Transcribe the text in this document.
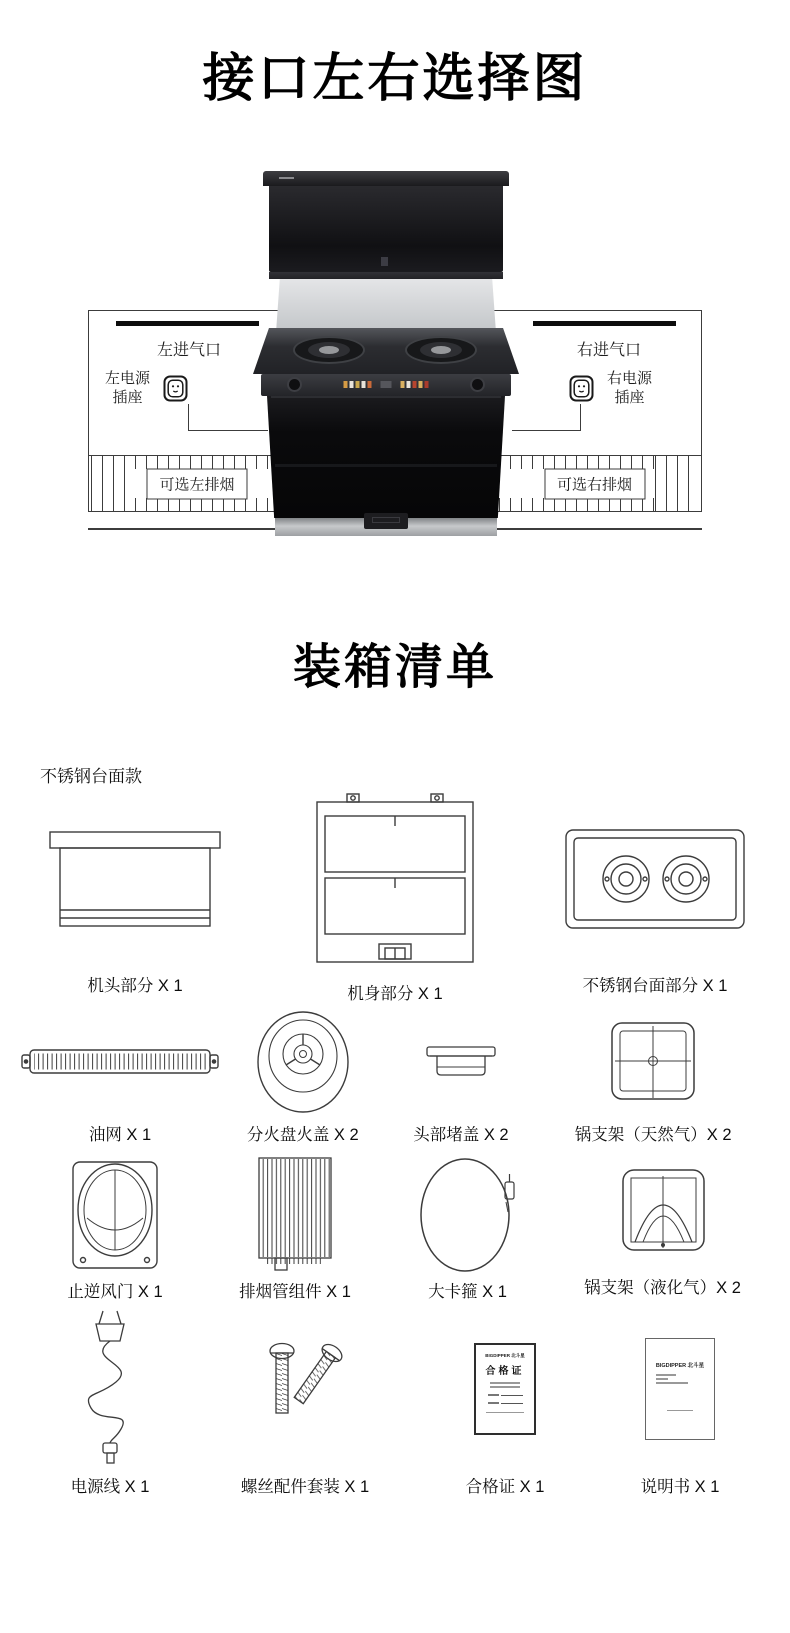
接口左右选择图
左进气口
左电源
插座
右进气口
右电源
插座
可选左排烟	可选右排烟
装箱清单
不锈钢台面款
机头部分 X 1	机身部分 X 1	不锈钢台面部分 X 1
油网 X 1	分火盘火盖 X 2	头部堵盖 X 2	锅支架（天然气）X 2
止逆风门 X 1	排烟管组件 X 1	大卡箍 X 1	锅支架（液化气）X 2
电源线 X 1	螺丝配件套装 X 1
BIGDIPPER 北斗星
合格证
合格证 X 1
BIGDIPPER 北斗星
说明书 X 1
